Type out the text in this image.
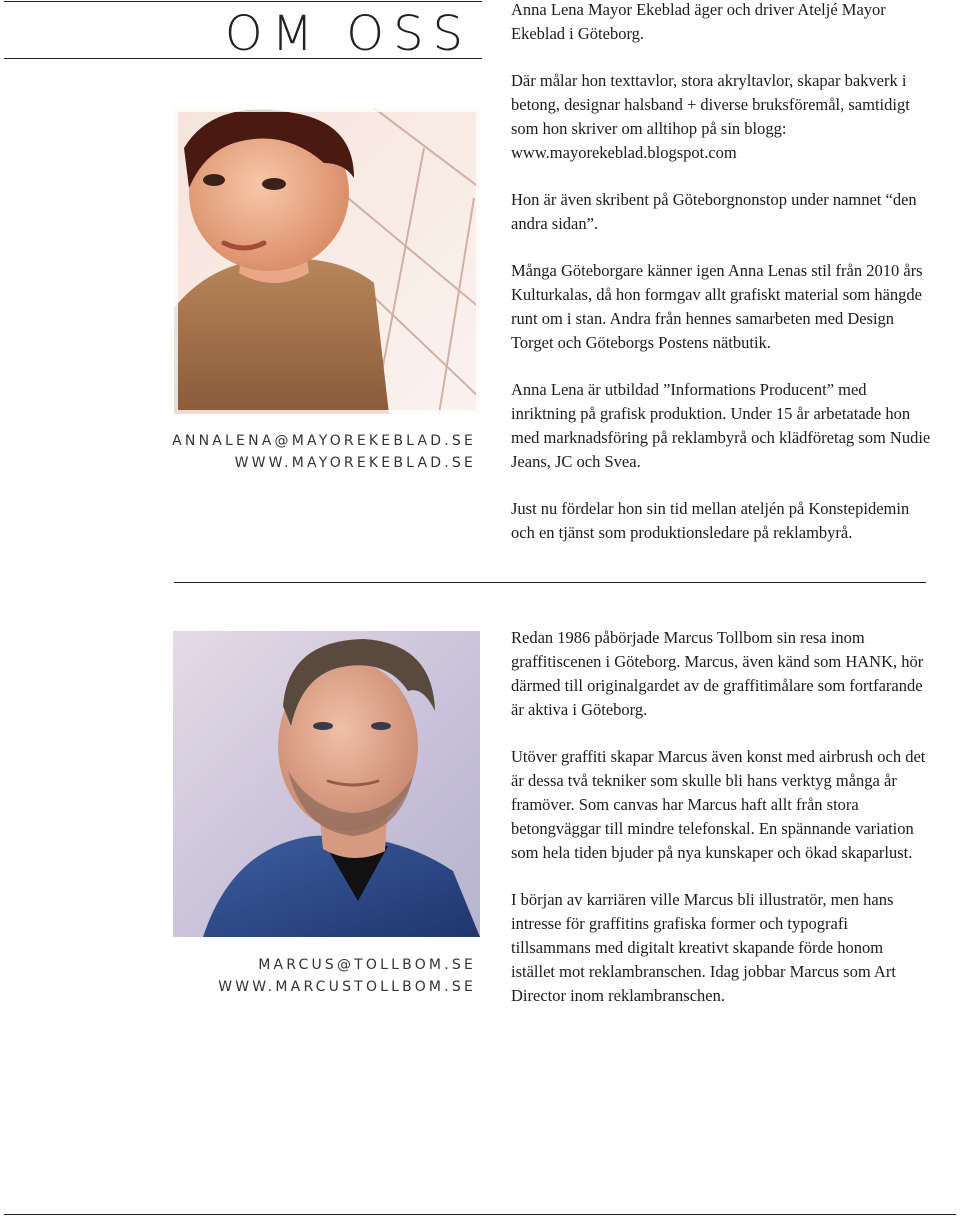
OM OSS
ANNALENA@MAYOREKEBLAD.SE
WWW.MAYOREKEBLAD.SE

Anna Lena Mayor Ekeblad äger och driver Ateljé Mayor Ekeblad i Göteborg.

Där målar hon texttavlor, stora akryltavlor, skapar bakverk i betong, designar halsband + diverse bruksföremål, samtidigt som hon skriver om alltihop på sin blogg: www.mayorekeblad.blogspot.com

Hon är även skribent på Göteborgnonstop under namnet “den andra sidan”.

Många Göteborgare känner igen Anna Lenas stil från 2010 års Kulturkalas, då hon formgav allt grafiskt material som hängde runt om i stan. Andra från hennes samarbeten med Design Torget och Göteborgs Postens nätbutik.

Anna Lena är utbildad ”Informations Producent” med inriktning på grafisk produktion. Under 15 år arbetatade hon med marknadsföring på reklambyrå och klädföretag som Nudie Jeans, JC och Svea.

Just nu fördelar hon sin tid mellan ateljén på Konstepidemin och en tjänst som produktionsledare på reklambyrå.

MARCUS@TOLLBOM.SE
WWW.MARCUSTOLLBOM.SE

Redan 1986 påbörjade Marcus Tollbom sin resa inom graffitiscenen i Göteborg. Marcus, även känd som HANK, hör därmed till originalgardet av de graffitimålare som fortfarande är aktiva i Göteborg.

Utöver graffiti skapar Marcus även konst med airbrush och det är dessa två tekniker som skulle bli hans verktyg många år framöver. Som canvas har Marcus haft allt från stora betongväggar till mindre telefonskal. En spännande variation som hela tiden bjuder på nya kunskaper och ökad skaparlust.

I början av karriären ville Marcus bli illustratör, men hans intresse för graffitins grafiska former och typografi tillsammans med digitalt kreativt skapande förde honom istället mot reklambranschen. Idag jobbar Marcus som Art Director inom reklambranschen.
